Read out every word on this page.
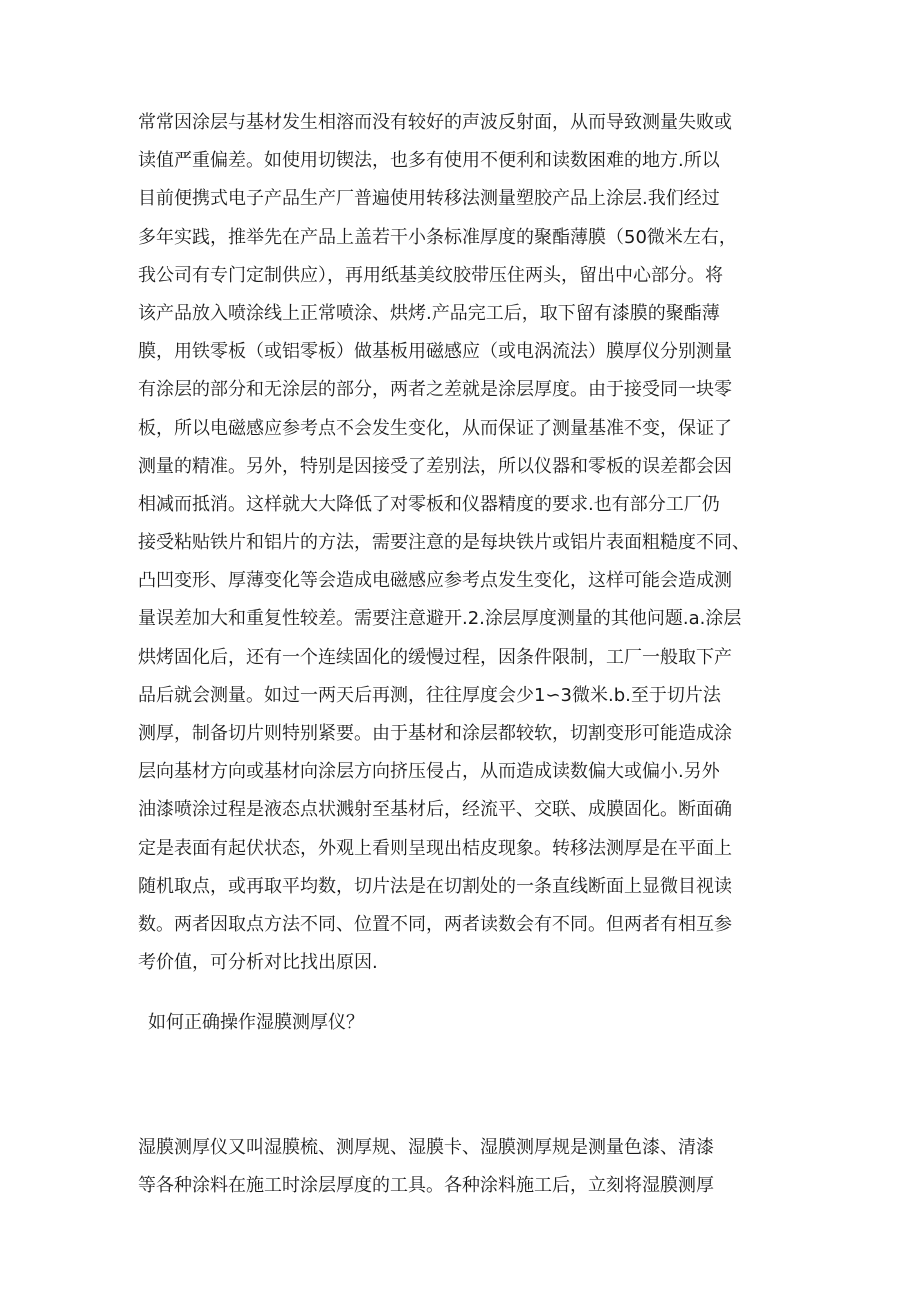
常常因涂层与基材发生相溶而没有较好的声波反射面，从而导致测量失败或
读值严重偏差。如使用切锲法，也多有使用不便利和读数困难的地方.所以
目前便携式电子产品生产厂普遍使用转移法测量塑胶产品上涂层.我们经过
多年实践，推举先在产品上盖若干小条标准厚度的聚酯薄膜（50微米左右，
我公司有专门定制供应），再用纸基美纹胶带压住两头，留出中心部分。将
该产品放入喷涂线上正常喷涂、烘烤.产品完工后，取下留有漆膜的聚酯薄
膜，用铁零板（或铝零板）做基板用磁感应（或电涡流法）膜厚仪分别测量
有涂层的部分和无涂层的部分，两者之差就是涂层厚度。由于接受同一块零
板，所以电磁感应参考点不会发生变化，从而保证了测量基准不变，保证了
测量的精准。另外，特别是因接受了差别法，所以仪器和零板的误差都会因
相减而抵消。这样就大大降低了对零板和仪器精度的要求.也有部分工厂仍
接受粘贴铁片和铝片的方法，需要注意的是每块铁片或铝片表面粗糙度不同、
凸凹变形、厚薄变化等会造成电磁感应参考点发生变化，这样可能会造成测
量误差加大和重复性较差。需要注意避开.2.涂层厚度测量的其他问题.a.涂层
烘烤固化后，还有一个连续固化的缓慢过程，因条件限制，工厂一般取下产
品后就会测量。如过一两天后再测，往往厚度会少1∽3微米.b.至于切片法
测厚，制备切片则特别紧要。由于基材和涂层都较软，切割变形可能造成涂
层向基材方向或基材向涂层方向挤压侵占，从而造成读数偏大或偏小.另外
油漆喷涂过程是液态点状溅射至基材后，经流平、交联、成膜固化。断面确
定是表面有起伏状态，外观上看则呈现出桔皮现象。转移法测厚是在平面上
随机取点，或再取平均数，切片法是在切割处的一条直线断面上显微目视读
数。两者因取点方法不同、位置不同，两者读数会有不同。但两者有相互参
考价值，可分析对比找出原因.
如何正确操作湿膜测厚仪？
湿膜测厚仪又叫湿膜梳、测厚规、湿膜卡、湿膜测厚规是测量色漆、清漆
等各种涂料在施工时涂层厚度的工具。各种涂料施工后，立刻将湿膜测厚
